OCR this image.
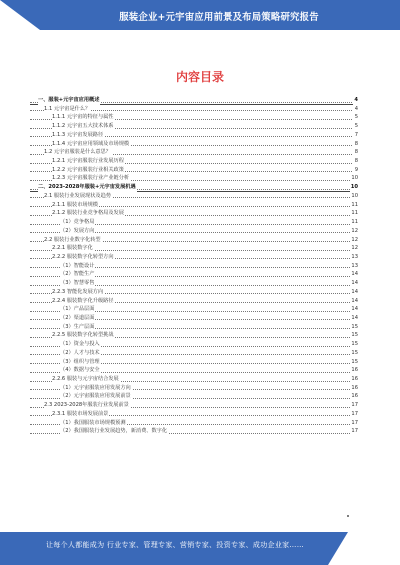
服装企业+元宇宙应用前景及布局策略研究报告
内容目录
一、服装+元宇宙应用概述	4
1.1 元宇宙是什么？	4
1.1.1 元宇宙的特征与属性	5
1.1.2 元宇宙五大技术体系	5
1.1.3 元宇宙发展路径	7
1.1.4 元宇宙应用领域及市场规模	8
1.2 元宇宙服装是什么意思？	8
1.2.1 元宇宙服装行业发展历程	8
1.2.2 元宇宙服装行业相关政策	9
1.2.3 元宇宙服装行业产业链分析	10
二、2023-2028年服装+元宇宙发展机遇	10
2.1 服装行业发展现状及趋势	10
2.1.1 服装市场规模	11
2.1.2 服装行业竞争格局及发展	11
（1）竞争格局	11
（2）发展方向	12
2.2 服装行业数字化转型	12
2.2.1 服装数字化	12
2.2.2 服装数字化转型方向	13
（1）智能设计	13
（2）智能生产	14
（3）智慧零售	14
2.2.3 智能化发展方向	14
2.2.4 服装数字化升级路径	14
（1）产品层面	14
（2）渠道层面	14
（3）生产层面	15
2.2.5 服装数字化转型挑战	15
（1）资金与投入	15
（2）人才与技术	15
（3）组织与管理	15
（4）数据与安全	16
2.2.6 服装与元宇宙结合发展	16
（1）元宇宙服装应用发展方向	16
（2）元宇宙服装应用发展前景	16
2.3 2023-2028年服装行业发展前景	17
2.3.1 服装市场发展前景	17
（1）我国服装市场规模预测	17
（2）我国服装行业发展趋势，新消费、数字化	17
让每个人都能成为 行业专家、管理专家、营销专家、投资专家、成功企业家……
